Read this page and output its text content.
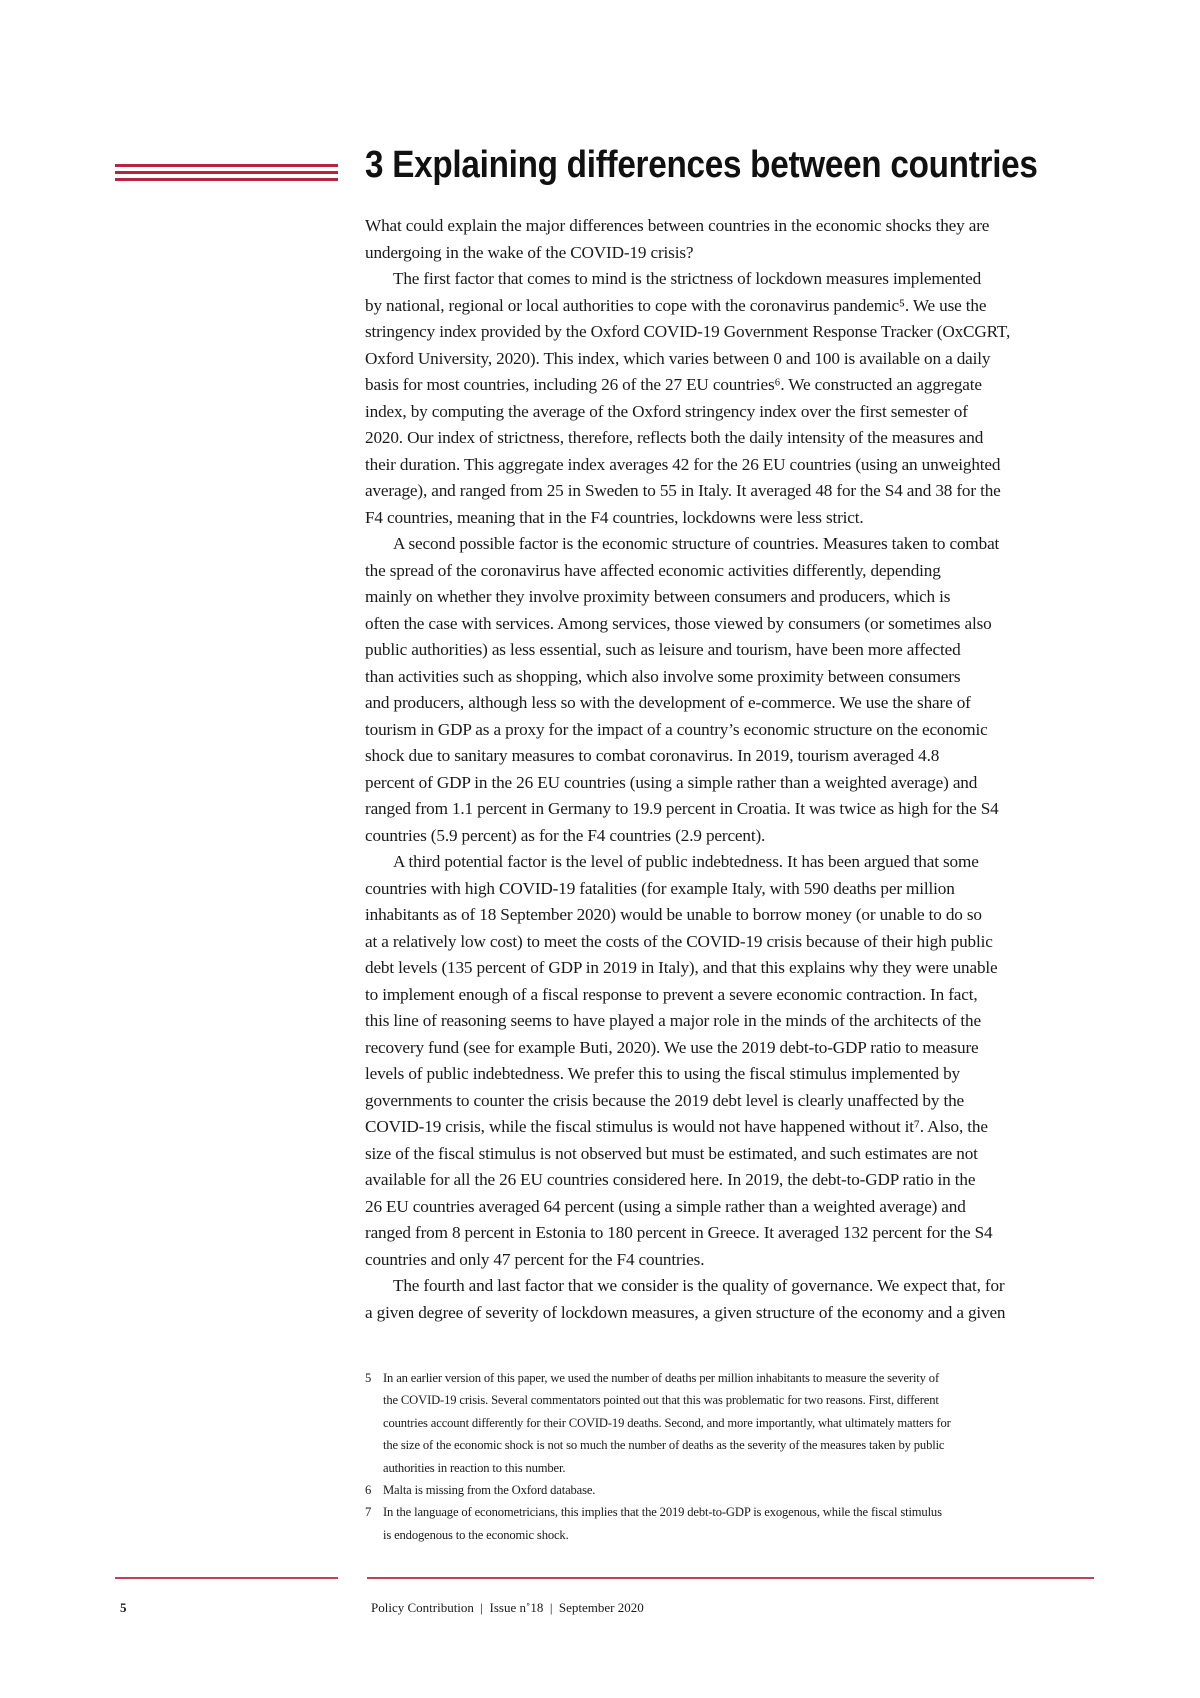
3 Explaining differences between countries
What could explain the major differences between countries in the economic shocks they are
undergoing in the wake of the COVID-19 crisis?
The first factor that comes to mind is the strictness of lockdown measures implemented
by national, regional or local authorities to cope with the coronavirus pandemic⁵. We use the
stringency index provided by the Oxford COVID-19 Government Response Tracker (OxCGRT,
Oxford University, 2020). This index, which varies between 0 and 100 is available on a daily
basis for most countries, including 26 of the 27 EU countries⁶. We constructed an aggregate
index, by computing the average of the Oxford stringency index over the first semester of
2020. Our index of strictness, therefore, reflects both the daily intensity of the measures and
their duration. This aggregate index averages 42 for the 26 EU countries (using an unweighted
average), and ranged from 25 in Sweden to 55 in Italy. It averaged 48 for the S4 and 38 for the
F4 countries, meaning that in the F4 countries, lockdowns were less strict.
A second possible factor is the economic structure of countries. Measures taken to combat
the spread of the coronavirus have affected economic activities differently, depending
mainly on whether they involve proximity between consumers and producers, which is
often the case with services. Among services, those viewed by consumers (or sometimes also
public authorities) as less essential, such as leisure and tourism, have been more affected
than activities such as shopping, which also involve some proximity between consumers
and producers, although less so with the development of e-commerce. We use the share of
tourism in GDP as a proxy for the impact of a country’s economic structure on the economic
shock due to sanitary measures to combat coronavirus. In 2019, tourism averaged 4.8
percent of GDP in the 26 EU countries (using a simple rather than a weighted average) and
ranged from 1.1 percent in Germany to 19.9 percent in Croatia. It was twice as high for the S4
countries (5.9 percent) as for the F4 countries (2.9 percent).
A third potential factor is the level of public indebtedness. It has been argued that some
countries with high COVID-19 fatalities (for example Italy, with 590 deaths per million
inhabitants as of 18 September 2020) would be unable to borrow money (or unable to do so
at a relatively low cost) to meet the costs of the COVID-19 crisis because of their high public
debt levels (135 percent of GDP in 2019 in Italy), and that this explains why they were unable
to implement enough of a fiscal response to prevent a severe economic contraction. In fact,
this line of reasoning seems to have played a major role in the minds of the architects of the
recovery fund (see for example Buti, 2020). We use the 2019 debt-to-GDP ratio to measure
levels of public indebtedness. We prefer this to using the fiscal stimulus implemented by
governments to counter the crisis because the 2019 debt level is clearly unaffected by the
COVID-19 crisis, while the fiscal stimulus is would not have happened without it⁷. Also, the
size of the fiscal stimulus is not observed but must be estimated, and such estimates are not
available for all the 26 EU countries considered here. In 2019, the debt-to-GDP ratio in the
26 EU countries averaged 64 percent (using a simple rather than a weighted average) and
ranged from 8 percent in Estonia to 180 percent in Greece. It averaged 132 percent for the S4
countries and only 47 percent for the F4 countries.
The fourth and last factor that we consider is the quality of governance. We expect that, for
a given degree of severity of lockdown measures, a given structure of the economy and a given
5 In an earlier version of this paper, we used the number of deaths per million inhabitants to measure the severity of
the COVID-19 crisis. Several commentators pointed out that this was problematic for two reasons. First, different
countries account differently for their COVID-19 deaths. Second, and more importantly, what ultimately matters for
the size of the economic shock is not so much the number of deaths as the severity of the measures taken by public
authorities in reaction to this number.
6 Malta is missing from the Oxford database.
7 In the language of econometricians, this implies that the 2019 debt-to-GDP is exogenous, while the fiscal stimulus
is endogenous to the economic shock.
5	Policy Contribution  |  Issue n˚18  |  September 2020
